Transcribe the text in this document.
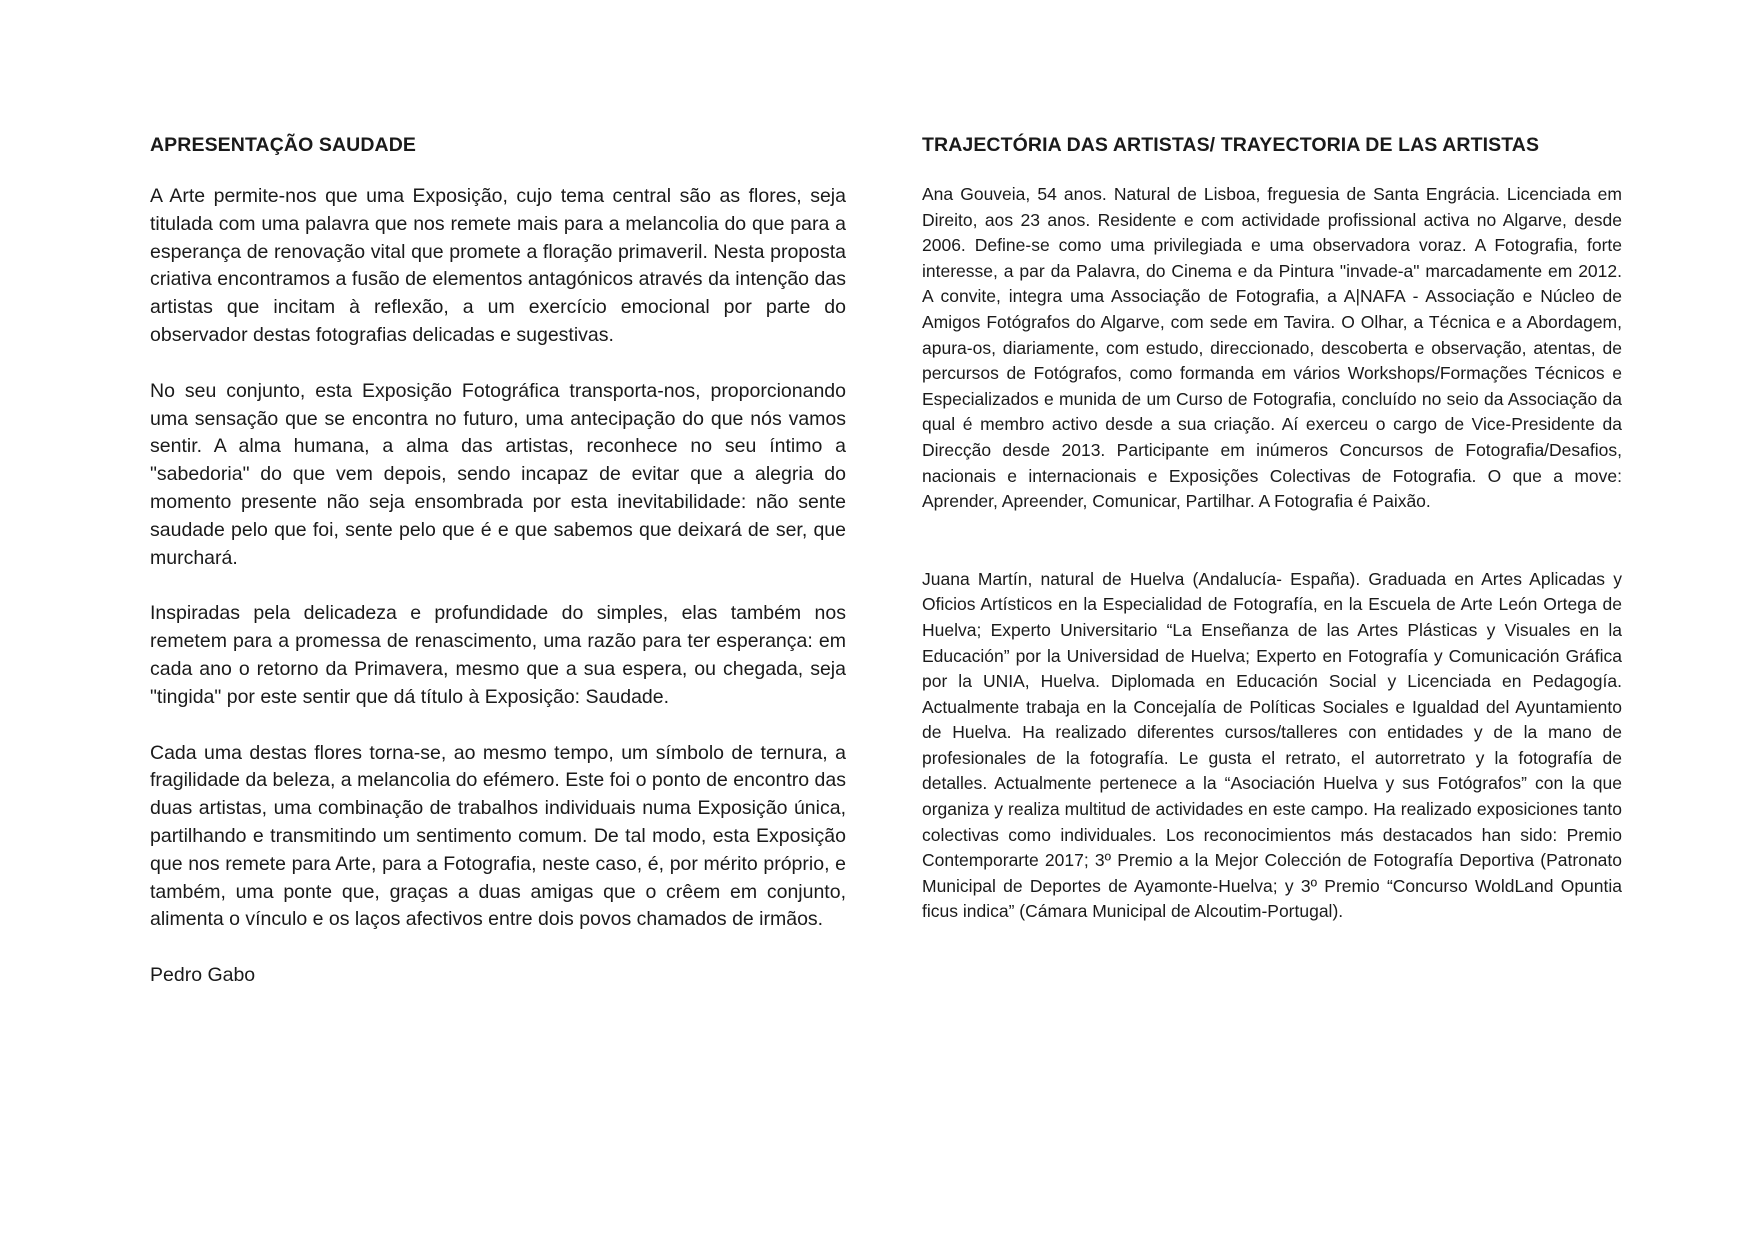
APRESENTAÇÃO SAUDADE

A Arte permite-nos que uma Exposição, cujo tema central são as flores, seja titulada com uma palavra que nos remete mais para a melancolia do que para a esperança de renovação vital que promete a floração primaveril. Nesta proposta criativa encontramos a fusão de elementos antagónicos através da intenção das artistas que incitam à reflexão, a um exercício emocional por parte do observador destas fotografias delicadas e sugestivas.

No seu conjunto, esta Exposição Fotográfica transporta-nos, proporcionando uma sensação que se encontra no futuro, uma antecipação do que nós vamos sentir. A alma humana, a alma das artistas, reconhece no seu íntimo a "sabedoria" do que vem depois, sendo incapaz de evitar que a alegria do momento presente não seja ensombrada por esta inevitabilidade: não sente saudade pelo que foi, sente pelo que é e que sabemos que deixará de ser, que murchará.

Inspiradas pela delicadeza e profundidade do simples, elas também nos remetem para a promessa de renascimento, uma razão para ter esperança: em cada ano o retorno da Primavera, mesmo que a sua espera, ou chegada, seja "tingida" por este sentir que dá título à Exposição: Saudade.

Cada uma destas flores torna-se, ao mesmo tempo, um símbolo de ternura, a fragilidade da beleza, a melancolia do efémero. Este foi o ponto de encontro das duas artistas, uma combinação de trabalhos individuais numa Exposição única, partilhando e transmitindo um sentimento comum. De tal modo, esta Exposição que nos remete para Arte, para a Fotografia, neste caso, é, por mérito próprio, e também, uma ponte que, graças a duas amigas que o crêem em conjunto, alimenta o vínculo e os laços afectivos entre dois povos chamados de irmãos.

Pedro Gabo

TRAJECTÓRIA DAS ARTISTAS/ TRAYECTORIA DE LAS ARTISTAS

Ana Gouveia, 54 anos. Natural de Lisboa, freguesia de Santa Engrácia. Licenciada em Direito, aos 23 anos. Residente e com actividade profissional activa no Algarve, desde 2006. Define-se como uma privilegiada e uma observadora voraz. A Fotografia, forte interesse, a par da Palavra, do Cinema e da Pintura "invade-a" marcadamente em 2012. A convite, integra uma Associação de Fotografia, a A|NAFA - Associação e Núcleo de Amigos Fotógrafos do Algarve, com sede em Tavira. O Olhar, a Técnica e a Abordagem, apura-os, diariamente, com estudo, direccionado, descoberta e observação, atentas, de percursos de Fotógrafos, como formanda em vários Workshops/Formações Técnicos e Especializados e munida de um Curso de Fotografia, concluído no seio da Associação da qual é membro activo desde a sua criação. Aí exerceu o cargo de Vice-Presidente da Direcção desde 2013. Participante em inúmeros Concursos de Fotografia/Desafios, nacionais e internacionais e Exposições Colectivas de Fotografia. O que a move: Aprender, Apreender, Comunicar, Partilhar. A Fotografia é Paixão.

Juana Martín, natural de Huelva (Andalucía- España). Graduada en Artes Aplicadas y Oficios Artísticos en la Especialidad de Fotografía, en la Escuela de Arte León Ortega de Huelva; Experto Universitario “La Enseñanza de las Artes Plásticas y Visuales en la Educación” por la Universidad de Huelva; Experto en Fotografía y Comunicación Gráfica por la UNIA, Huelva. Diplomada en Educación Social y Licenciada en Pedagogía. Actualmente trabaja en la Concejalía de Políticas Sociales e Igualdad del Ayuntamiento de Huelva. Ha realizado diferentes cursos/talleres con entidades y de la mano de profesionales de la fotografía. Le gusta el retrato, el autorretrato y la fotografía de detalles. Actualmente pertenece a la “Asociación Huelva y sus Fotógrafos” con la que organiza y realiza multitud de actividades en este campo. Ha realizado exposiciones tanto colectivas como individuales. Los reconocimientos más destacados han sido: Premio Contemporarte 2017; 3º Premio a la Mejor Colección de Fotografía Deportiva (Patronato Municipal de Deportes de Ayamonte-Huelva; y 3º Premio “Concurso WoldLand Opuntia ficus indica” (Cámara Municipal de Alcoutim-Portugal).
